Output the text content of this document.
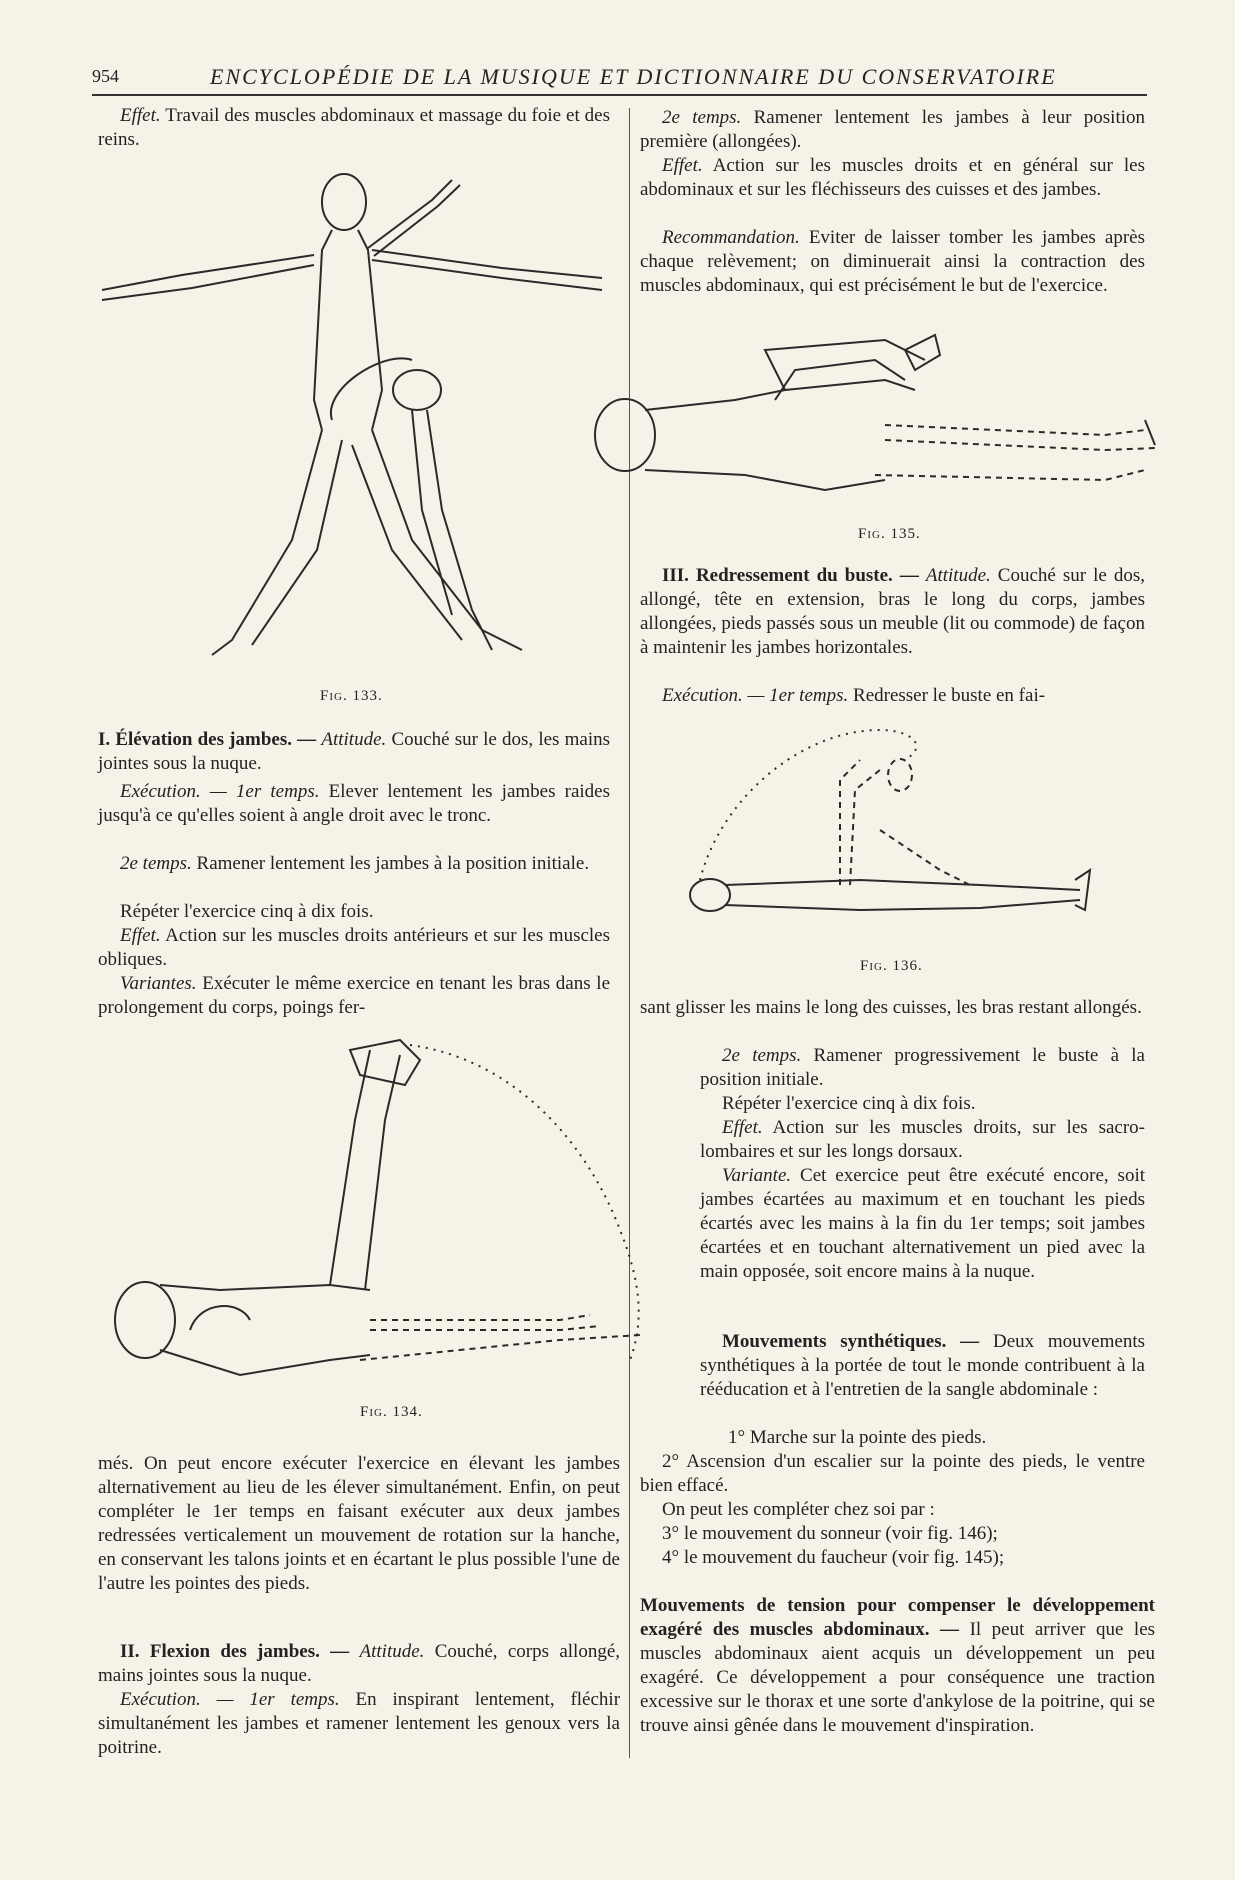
954	ENCYCLOPÉDIE DE LA MUSIQUE ET DICTIONNAIRE DU CONSERVATOIRE

Effet. Travail des muscles abdominaux et massage du foie et des reins.

Fig. 133.

I. Élévation des jambes. — Attitude. Couché sur le dos, les mains jointes sous la nuque.

Exécution. — 1er temps. Elever lentement les jambes raides jusqu'à ce qu'elles soient à angle droit avec le tronc.

2e temps. Ramener lentement les jambes à la position initiale.

Répéter l'exercice cinq à dix fois.

Effet. Action sur les muscles droits antérieurs et sur les muscles obliques.

Variantes. Exécuter le même exercice en tenant les bras dans le prolongement du corps, poings fer-

Fig. 134.

més. On peut encore exécuter l'exercice en élevant les jambes alternativement au lieu de les élever simultanément. Enfin, on peut compléter le 1er temps en faisant exécuter aux deux jambes redressées verticalement un mouvement de rotation sur la hanche, en conservant les talons joints et en écartant le plus possible l'une de l'autre les pointes des pieds.

II. Flexion des jambes. — Attitude. Couché, corps allongé, mains jointes sous la nuque.

Exécution. — 1er temps. En inspirant lentement, fléchir simultanément les jambes et ramener lentement les genoux vers la poitrine.

2e temps. Ramener lentement les jambes à leur position première (allongées).

Effet. Action sur les muscles droits et en général sur les abdominaux et sur les fléchisseurs des cuisses et des jambes.

Recommandation. Eviter de laisser tomber les jambes après chaque relèvement; on diminuerait ainsi la contraction des muscles abdominaux, qui est précisément le but de l'exercice.

Fig. 135.

III. Redressement du buste. — Attitude. Couché sur le dos, allongé, tête en extension, bras le long du corps, jambes allongées, pieds passés sous un meuble (lit ou commode) de façon à maintenir les jambes horizontales.

Exécution. — 1er temps. Redresser le buste en fai-

Fig. 136.

sant glisser les mains le long des cuisses, les bras restant allongés.

2e temps. Ramener progressivement le buste à la position initiale.

Répéter l'exercice cinq à dix fois.

Effet. Action sur les muscles droits, sur les sacro-lombaires et sur les longs dorsaux.

Variante. Cet exercice peut être exécuté encore, soit jambes écartées au maximum et en touchant les pieds écartés avec les mains à la fin du 1er temps; soit jambes écartées et en touchant alternativement un pied avec la main opposée, soit encore mains à la nuque.

Mouvements synthétiques. — Deux mouvements synthétiques à la portée de tout le monde contribuent à la rééducation et à l'entretien de la sangle abdominale :

1° Marche sur la pointe des pieds.

2° Ascension d'un escalier sur la pointe des pieds, le ventre bien effacé.

On peut les compléter chez soi par :

3° le mouvement du sonneur (voir fig. 146);

4° le mouvement du faucheur (voir fig. 145);

Mouvements de tension pour compenser le développement exagéré des muscles abdominaux. — Il peut arriver que les muscles abdominaux aient acquis un développement un peu exagéré. Ce développement a pour conséquence une traction excessive sur le thorax et une sorte d'ankylose de la poitrine, qui se trouve ainsi gênée dans le mouvement d'inspiration.
